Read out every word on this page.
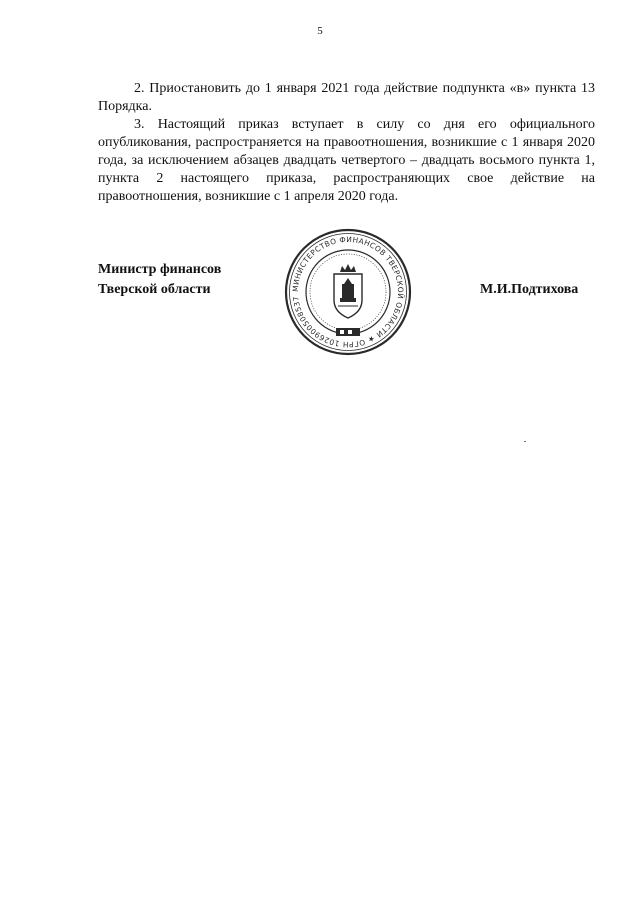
5

2. Приостановить до 1 января 2021 года действие подпункта «в» пункта 13 Порядка.

3. Настоящий приказ вступает в силу со дня его официального опубликования, распространяется на правоотношения, возникшие с 1 января 2020 года, за исключением абзацев двадцать четвертого – двадцать восьмого пункта 1, пункта 2 настоящего приказа, распространяющих свое действие на правоотношения, возникшие с 1 апреля 2020 года.

Министр финансов
Тверской области	М.И.Подтихова
МИНИСТЕРСТВО ФИНАНСОВ ТВЕРСКОЙ ОБЛАСТИ ★ ОГРН 1026900508537
